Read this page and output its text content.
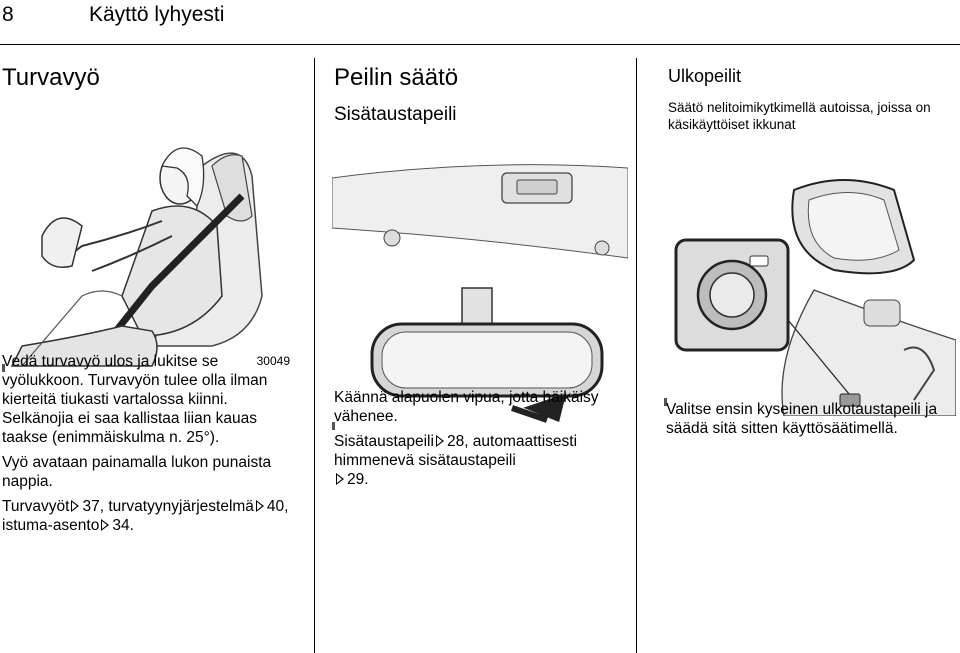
8	Käyttö lyhyesti
Turvavyö
30049

Vedä turvavyö ulos ja lukitse se vyölukkoon. Turvavyön tulee olla ilman kierteitä tiukasti vartalossa kiinni. Selkänojia ei saa kallistaa liian kauas taakse (enimmäiskulma n. 25°).

Vyö avataan painamalla lukon punaista nappia.

Turvavyöt 37, turvatyynyjärjestelmä 40, istuma-asento 34.

Peilin säätö
Sisätaustapeili

Käännä alapuolen vipua, jotta häikäisy vähenee.

Sisätaustapeili 28, automaattisesti himmenevä sisätaustapeili
29.

Ulkopeilit
Säätö nelitoimikytkimellä autoissa, joissa on käsikäyttöiset ikkunat

Valitse ensin kyseinen ulkotaustapeili ja säädä sitä sitten käyttösäätimellä.
